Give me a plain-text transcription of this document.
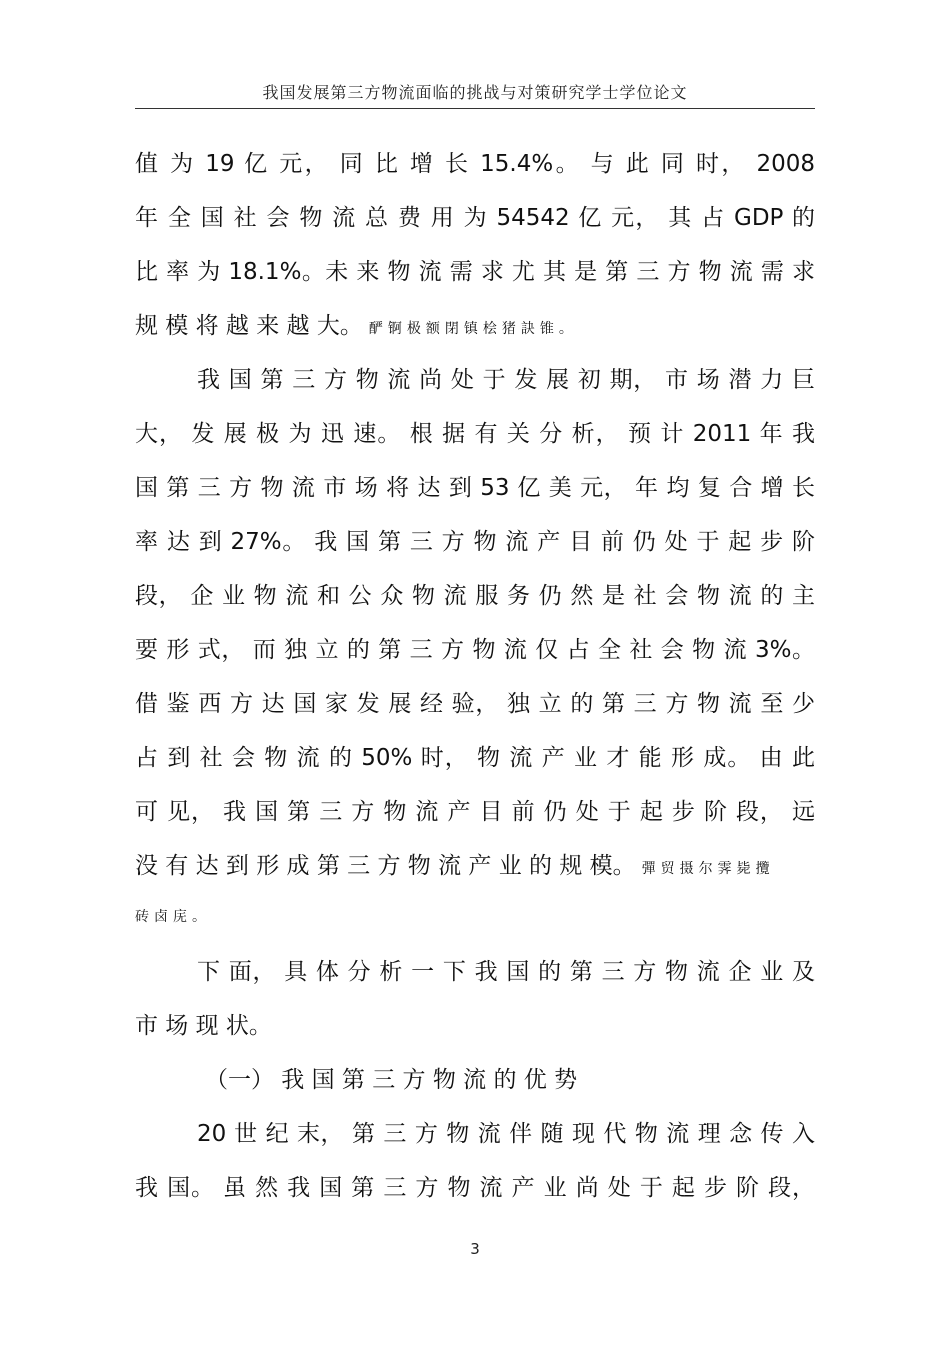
我国发展第三方物流面临的挑战与对策研究学士学位论文
值 为 19 亿 元， 同 比 增 长 15.4%。 与 此 同 时， 2008
年 全 国 社 会 物 流 总 费 用 为 54542 亿 元， 其 占 GDP 的
比 率 为 18.1%。未 来 物 流 需 求 尤 其 是 第 三 方 物 流 需 求
规 模 将 越 来 越 大。 酽锕极额閉镇桧猪訣锥。
我 国 第 三 方 物 流 尚 处 于 发 展 初 期， 市 场 潜 力 巨
大， 发 展 极 为 迅 速。 根 据 有 关 分 析， 预 计 2011 年 我
国 第 三 方 物 流 市 场 将 达 到 53 亿 美 元， 年 均 复 合 增 长
率 达 到 27%。 我 国 第 三 方 物 流 产 目 前 仍 处 于 起 步 阶
段， 企 业 物 流 和 公 众 物 流 服 务 仍 然 是 社 会 物 流 的 主
要 形 式， 而 独 立 的 第 三 方 物 流 仅 占 全 社 会 物 流 3%。
借 鉴 西 方 达 国 家 发 展 经 验， 独 立 的 第 三 方 物 流 至 少
占 到 社 会 物 流 的 50% 时， 物 流 产 业 才 能 形 成。 由 此
可 见， 我 国 第 三 方 物 流 产 目 前 仍 处 于 起 步 阶 段， 远
没 有 达 到 形 成 第 三 方 物 流 产 业 的 规 模。 彈贸摄尔霁毙攬
砖卤庑。
下 面， 具 体 分 析 一 下 我 国 的 第 三 方 物 流 企 业 及
市 场 现 状。
（一） 我 国 第 三 方 物 流 的 优 势
20 世 纪 末， 第 三 方 物 流 伴 随 现 代 物 流 理 念 传 入
我 国。 虽 然 我 国 第 三 方 物 流 产 业 尚 处 于 起 步 阶 段，
3
